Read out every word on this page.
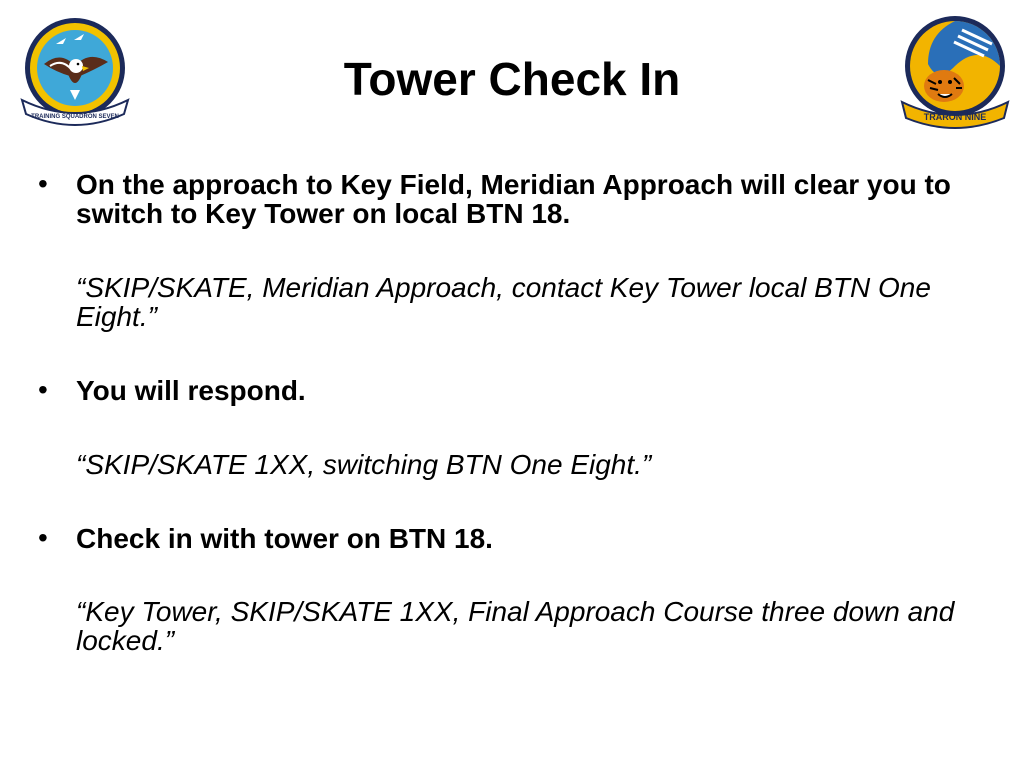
TRAINING SQUADRON SEVEN
Tower Check In
TRARON NINE
• On the approach to Key Field, Meridian Approach will clear you to switch to Key Tower on local BTN 18.
“SKIP/SKATE, Meridian Approach, contact Key Tower local BTN One Eight.”
• You will respond.
“SKIP/SKATE 1XX, switching BTN One Eight.”
• Check in with tower on BTN 18.
“Key Tower, SKIP/SKATE 1XX, Final Approach Course three down and locked.”
